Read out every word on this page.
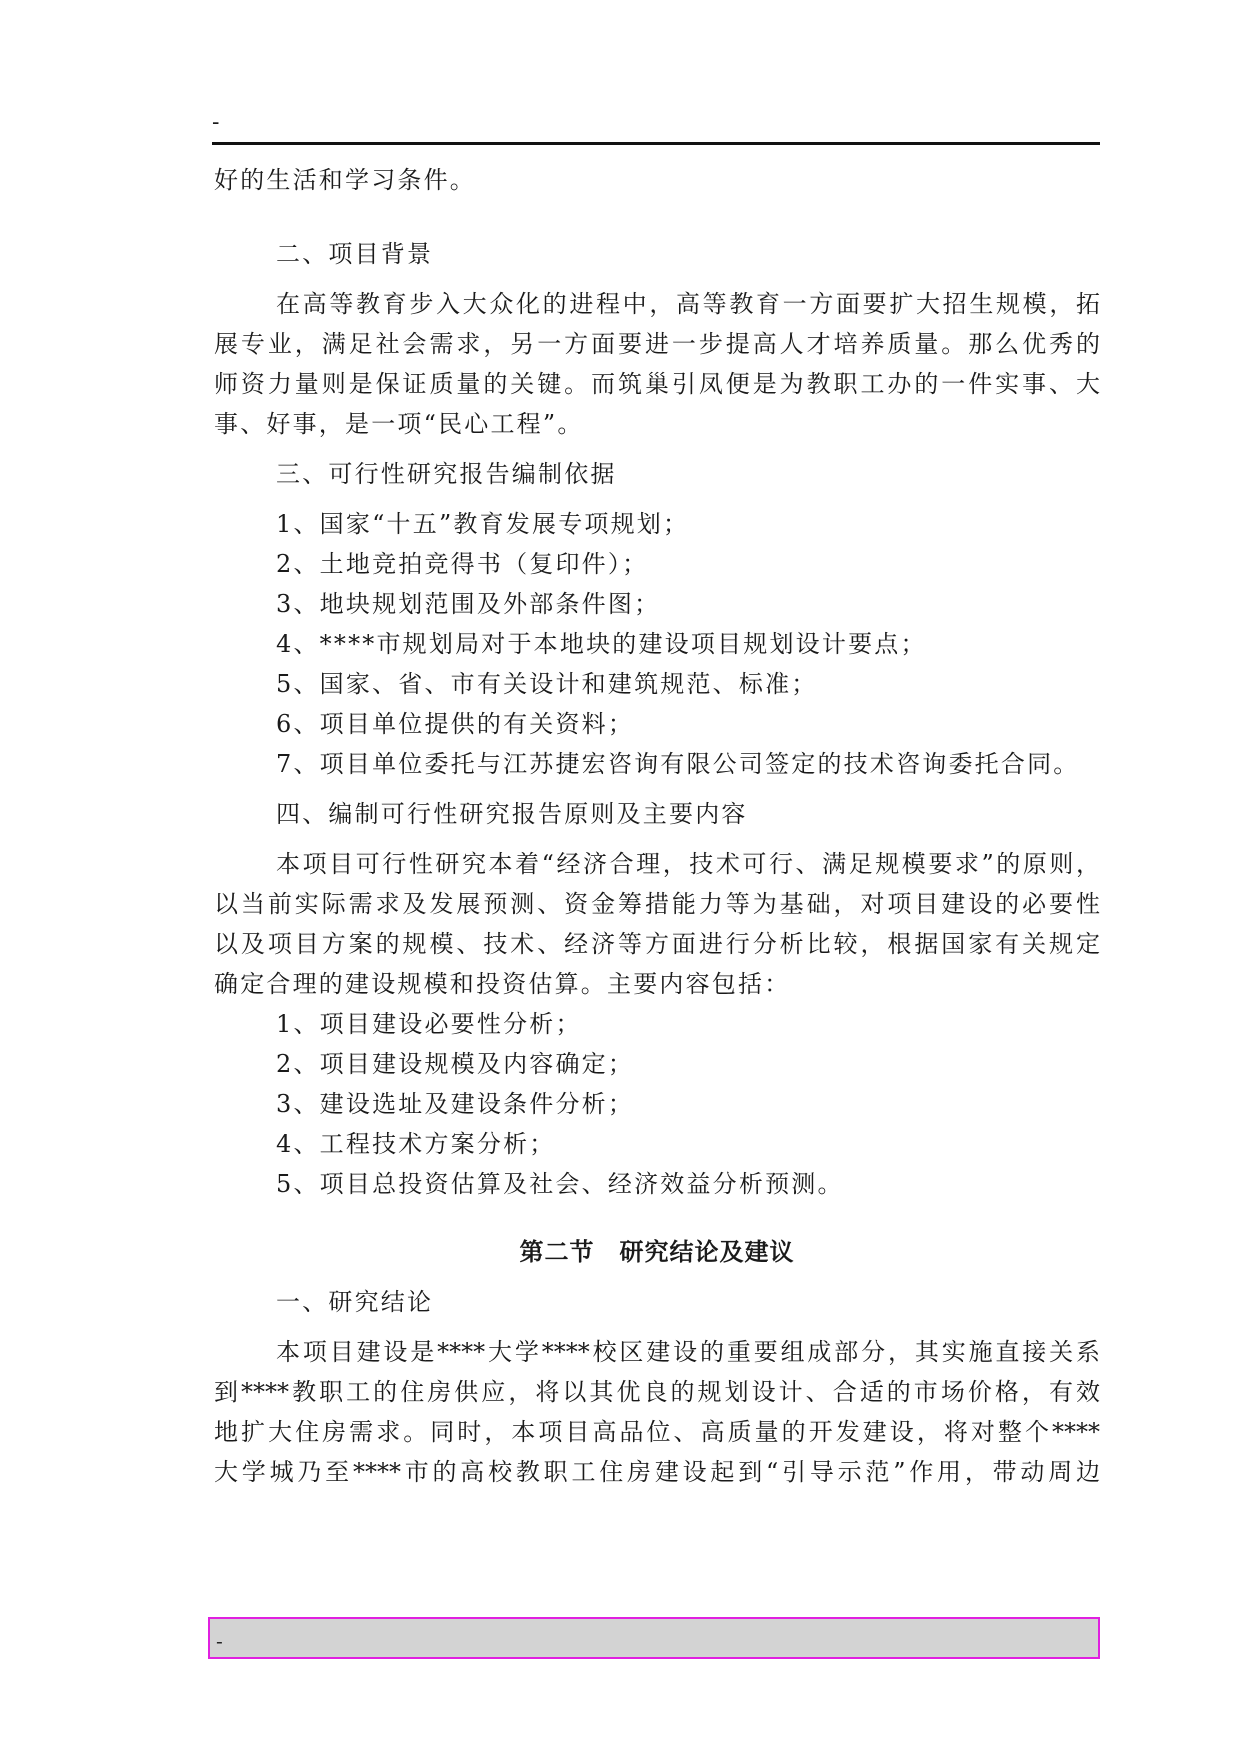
-
好的生活和学习条件。
二、项目背景
在高等教育步入大众化的进程中，高等教育一方面要扩大招生规模，拓
展专业，满足社会需求，另一方面要进一步提高人才培养质量。那么优秀的
师资力量则是保证质量的关键。而筑巢引凤便是为教职工办的一件实事、大
事、好事，是一项“民心工程”。
三、可行性研究报告编制依据
1、国家“十五”教育发展专项规划；
2、土地竞拍竞得书（复印件）；
3、地块规划范围及外部条件图；
4、****市规划局对于本地块的建设项目规划设计要点；
5、国家、省、市有关设计和建筑规范、标准；
6、项目单位提供的有关资料；
7、项目单位委托与江苏捷宏咨询有限公司签定的技术咨询委托合同。
四、编制可行性研究报告原则及主要内容
本项目可行性研究本着“经济合理，技术可行、满足规模要求”的原则，
以当前实际需求及发展预测、资金筹措能力等为基础，对项目建设的必要性
以及项目方案的规模、技术、经济等方面进行分析比较，根据国家有关规定
确定合理的建设规模和投资估算。主要内容包括：
1、项目建设必要性分析；
2、项目建设规模及内容确定；
3、建设选址及建设条件分析；
4、工程技术方案分析；
5、项目总投资估算及社会、经济效益分析预测。
第二节　研究结论及建议
一、研究结论
本项目建设是****大学****校区建设的重要组成部分，其实施直接关系
到****教职工的住房供应，将以其优良的规划设计、合适的市场价格，有效
地扩大住房需求。同时，本项目高品位、高质量的开发建设，将对整个****
大学城乃至****市的高校教职工住房建设起到“引导示范”作用，带动周边
-
